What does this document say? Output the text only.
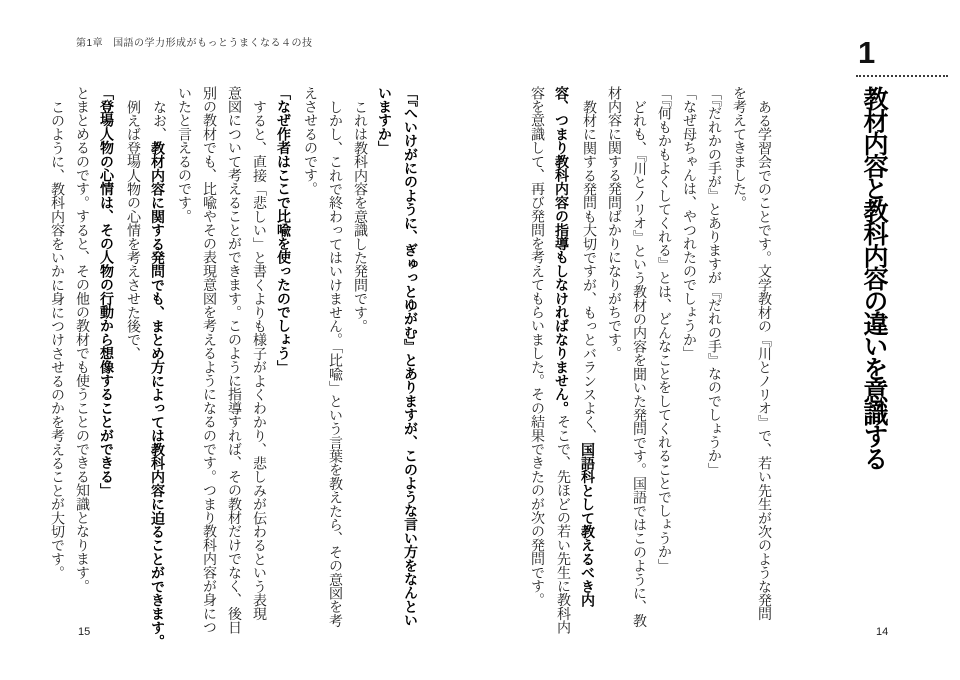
第1章 国語の学力形成がもっとうまくなる４の技	1
教材内容と教科内容の違いを意識する

ある学習会でのことです。文学教材の『川とノリオ』で、若い先生が次のような発問を考えてきました。

「『だれかの手が』とありますが『だれの手』なのでしょうか」

「なぜ母ちゃんは、やつれたのでしょうか」

「『何もかもよくしてくれる』とは、どんなことをしてくれることでしょうか」

どれも、『川とノリオ』という教材の内容を聞いた発問です。国語ではこのように、教材内容に関する発問ばかりになりがちです。

教材に関する発問も大切ですが、もっとバランスよく、国語科として教えるべき内容、つまり教科内容の指導もしなければなりません。そこで、先ほどの若い先生に教科内容を意識して、再び発問を考えてもらいました。その結果できたのが次の発問です。

「『へいけがにのように、ぎゅっとゆがむ』とありますが、このような言い方をなんといいますか」

これは教科内容を意識した発問です。

しかし、これで終わってはいけません。「比喩」という言葉を教えたら、その意図を考えさせるのです。

「なぜ作者はここで比喩を使ったのでしょう」

すると、直接「悲しい」と書くよりも様子がよくわかり、悲しみが伝わるという表現意図について考えることができます。このように指導すれば、その教材だけでなく、後日別の教材でも、比喩やその表現意図を考えるようになるのです。つまり教科内容が身についたと言えるのです。

なお、教材内容に関する発問でも、まとめ方によっては教科内容に迫ることができます。

例えば登場人物の心情を考えさせた後で、

「登場人物の心情は、その人物の行動から想像することができる」

とまとめるのです。すると、その他の教材でも使うことのできる知識となります。

このように、教科内容をいかに身につけさせるのかを考えることが大切です。

15	14
